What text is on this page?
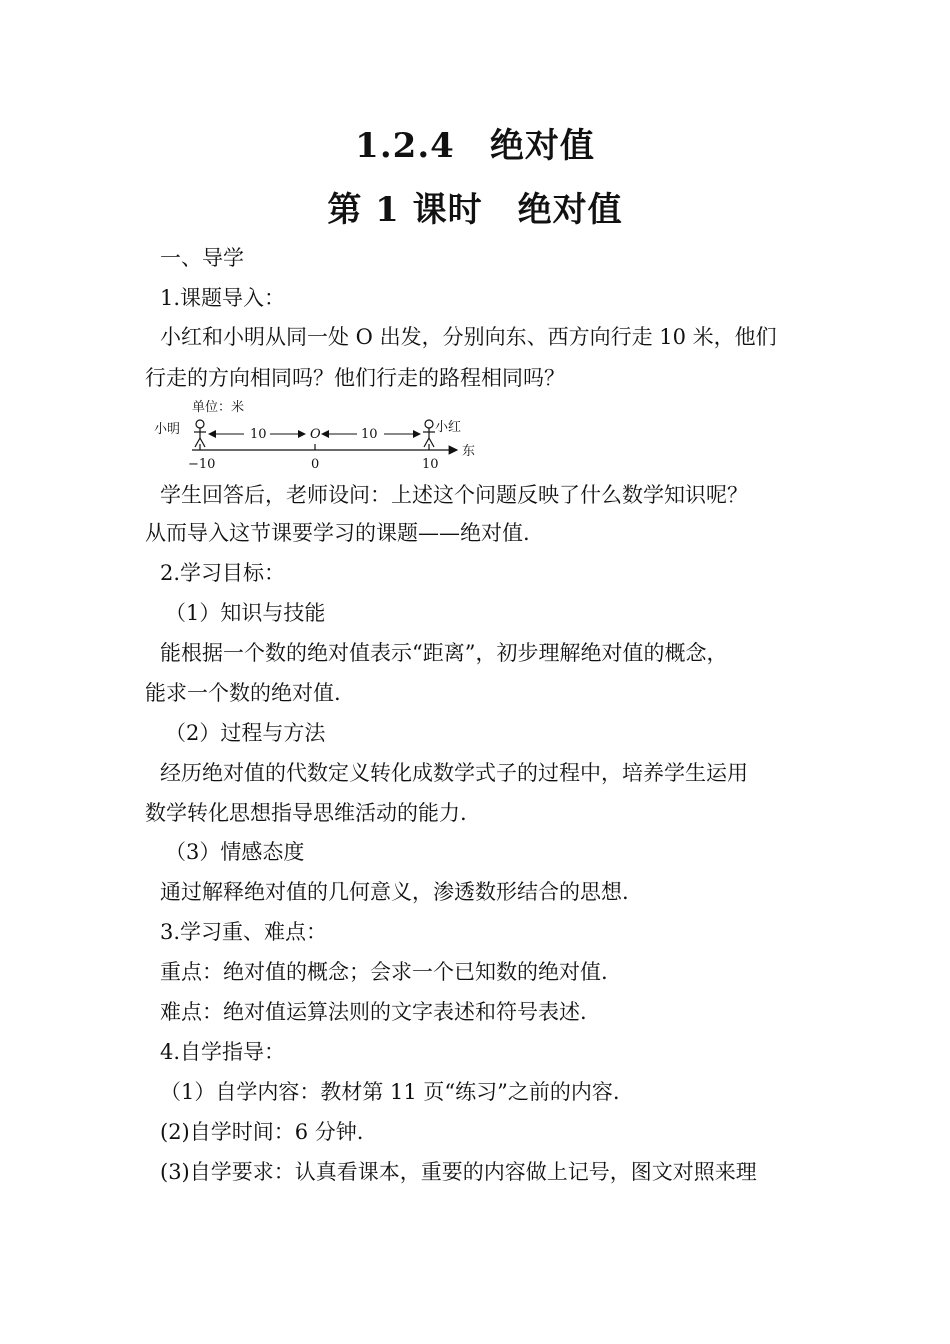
1.2.4　绝对值
第 1 课时　绝对值
一、导学
1.课题导入：
小红和小明从同一处 O 出发，分别向东、西方向行走 10 米，他们
行走的方向相同吗？他们行走的路程相同吗？
单位：米
小明	小红
10	O	10
东
−10	0	10
学生回答后，老师设问：上述这个问题反映了什么数学知识呢？
从而导入这节课要学习的课题——绝对值.
2.学习目标：
（1）知识与技能
能根据一个数的绝对值表示“距离”，初步理解绝对值的概念，
能求一个数的绝对值.
（2）过程与方法
经历绝对值的代数定义转化成数学式子的过程中，培养学生运用
数学转化思想指导思维活动的能力.
（3）情感态度
通过解释绝对值的几何意义，渗透数形结合的思想.
3.学习重、难点：
重点：绝对值的概念；会求一个已知数的绝对值.
难点：绝对值运算法则的文字表述和符号表述.
4.自学指导：
（1）自学内容：教材第 11 页“练习”之前的内容.
(2)自学时间：6 分钟.
(3)自学要求：认真看课本，重要的内容做上记号，图文对照来理
